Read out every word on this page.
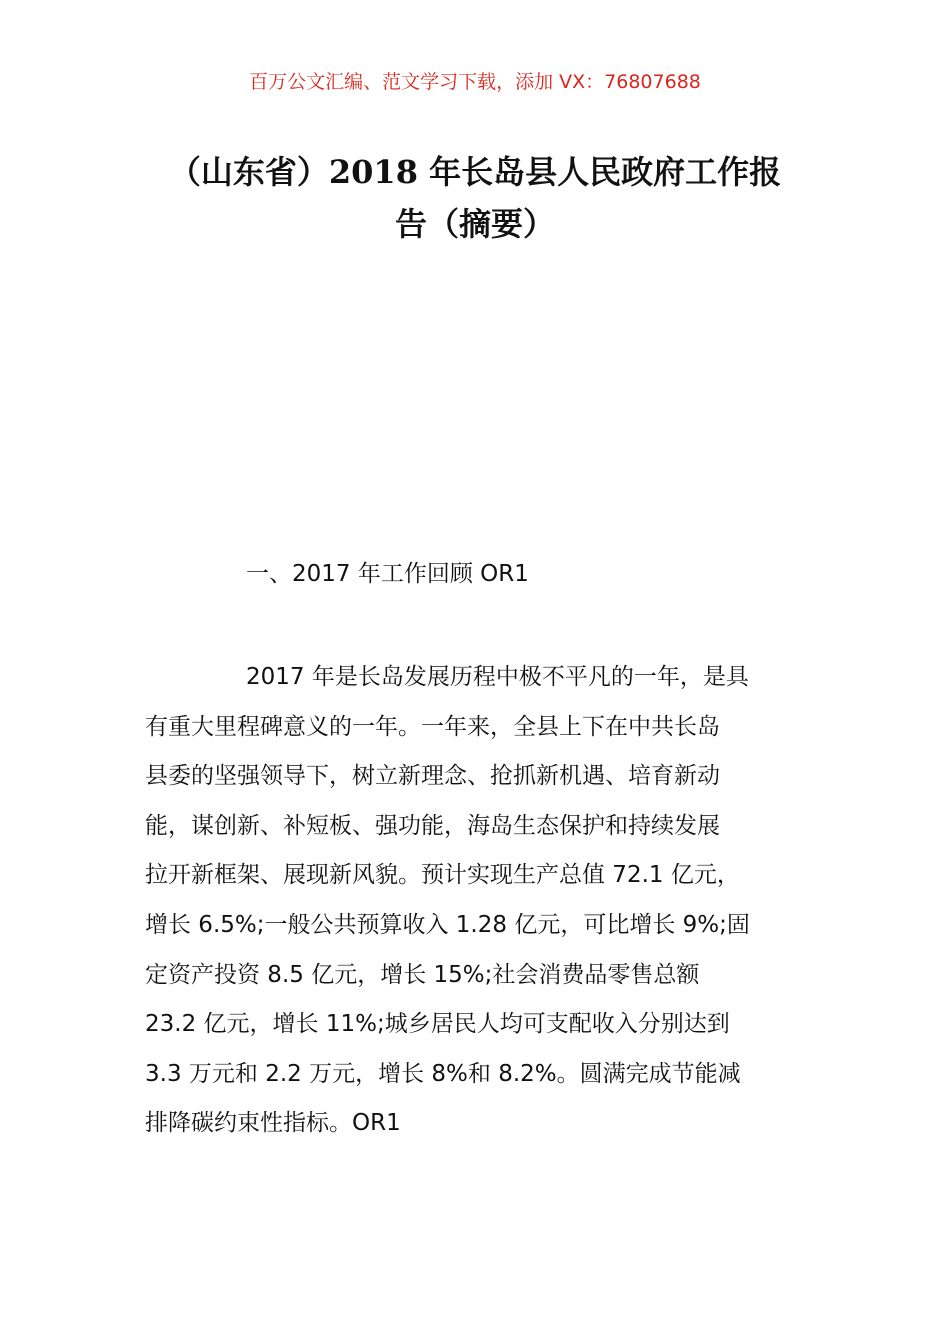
百万公文汇编、范文学习下载，添加 VX：76807688
（山东省）2018 年长岛县人民政府工作报
告（摘要）
一、2017 年工作回顾 OR1
2017 年是长岛发展历程中极不平凡的一年，是具
有重大里程碑意义的一年。一年来，全县上下在中共长岛
县委的坚强领导下，树立新理念、抢抓新机遇、培育新动
能，谋创新、补短板、强功能，海岛生态保护和持续发展
拉开新框架、展现新风貌。预计实现生产总值 72.1 亿元，
增长 6.5%;一般公共预算收入 1.28 亿元，可比增长 9%;固
定资产投资 8.5 亿元，增长 15%;社会消费品零售总额
23.2 亿元，增长 11%;城乡居民人均可支配收入分别达到
3.3 万元和 2.2 万元，增长 8%和 8.2%。圆满完成节能减
排降碳约束性指标。OR1
